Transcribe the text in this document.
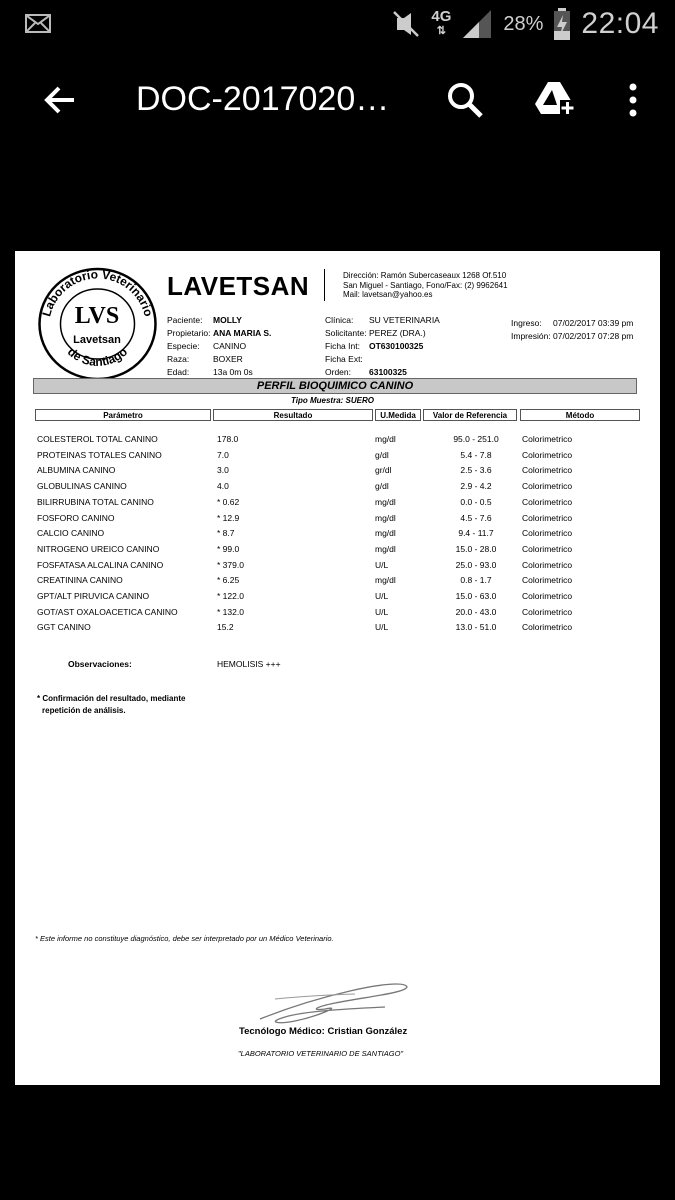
4G
⇅	28% 22:04
DOC-2017020…
Laboratorio Veterinario
LVS
Lavetsan
de Santiago
LAVETSAN	Dirección: Ramón Subercaseaux 1268 Of.510
San Miguel - Santiago, Fono/Fax: (2) 9962641
Mail: lavetsan@yahoo.es
Paciente: MOLLY
Propietario: ANA MARIA S.
Especie: CANINO
Raza:	BOXER
Edad:	13a 0m 0s
Clínica: SU VETERINARIA
Solicitante: PEREZ (DRA.)
Ficha Int: OT630100325
Ficha Ext:
Orden: 63100325
Ingreso: 07/02/2017 03:39 pm
Impresión: 07/02/2017 07:28 pm
PERFIL BIOQUIMICO CANINO
Tipo Muestra: SUERO
Parámetro	Resultado	U.Medida	Valor de Referencia	Método
COLESTEROL TOTAL CANINO	178.0	mg/dl	95.0 - 251.0	Colorimetrico
PROTEINAS TOTALES CANINO	7.0	g/dl	5.4 - 7.8	Colorimetrico
ALBUMINA CANINO	3.0	gr/dl	2.5 - 3.6	Colorimetrico
GLOBULINAS CANINO	4.0	g/dl	2.9 - 4.2	Colorimetrico
BILIRRUBINA TOTAL CANINO	* 0.62	mg/dl	0.0 - 0.5	Colorimetrico
FOSFORO CANINO	* 12.9	mg/dl	4.5 - 7.6	Colorimetrico
CALCIO CANINO	* 8.7	mg/dl	9.4 - 11.7	Colorimetrico
NITROGENO UREICO CANINO	* 99.0	mg/dl	15.0 - 28.0	Colorimetrico
FOSFATASA ALCALINA CANINO	* 379.0	U/L	25.0 - 93.0	Colorimetrico
CREATININA CANINO	* 6.25	mg/dl	0.8 - 1.7	Colorimetrico
GPT/ALT PIRUVICA CANINO	* 122.0	U/L	15.0 - 63.0	Colorimetrico
GOT/AST OXALOACETICA CANINO	* 132.0	U/L	20.0 - 43.0	Colorimetrico
GGT CANINO	15.2	U/L	13.0 - 51.0	Colorimetrico
Observaciones:	HEMOLISIS +++
* Confirmación del resultado, mediante
repetición de análisis.
* Este informe no constituye diagnóstico, debe ser interpretado por un Médico Veterinario.
Tecnólogo Médico: Cristian González
"LABORATORIO VETERINARIO DE SANTIAGO"
